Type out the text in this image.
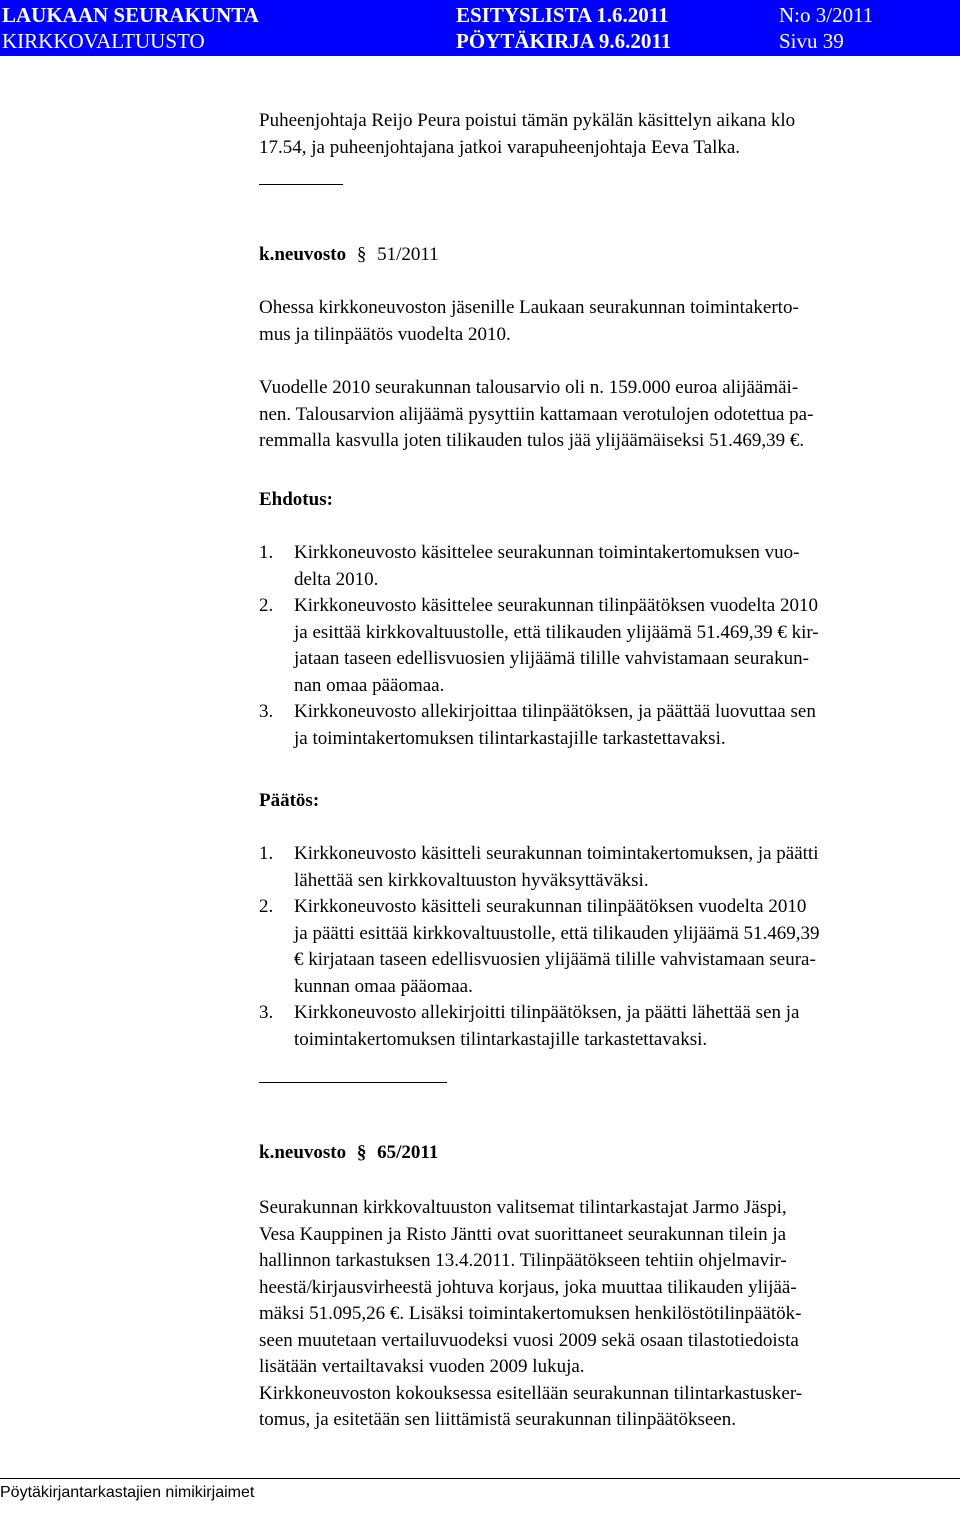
LAUKAAN SEURAKUNTA	ESITYSLISTA 1.6.2011	N:o 3/2011
KIRKKOVALTUUSTO	PÖYTÄKIRJA 9.6.2011	Sivu 39
Puheenjohtaja Reijo Peura poistui tämän pykälän käsittelyn aikana klo
17.54, ja puheenjohtajana jatkoi varapuheenjohtaja Eeva Talka.
k.neuvosto § 51/2011
Ohessa kirkkoneuvoston jäsenille Laukaan seurakunnan toimintakerto-
mus ja tilinpäätös vuodelta 2010.
Vuodelle 2010 seurakunnan talousarvio oli n. 159.000 euroa alijäämäi-
nen. Talousarvion alijäämä pysyttiin kattamaan verotulojen odotettua pa-
remmalla kasvulla joten tilikauden tulos jää ylijäämäiseksi 51.469,39 €.
Ehdotus:
1. Kirkkoneuvosto käsittelee seurakunnan toimintakertomuksen vuo-
delta 2010.
2. Kirkkoneuvosto käsittelee seurakunnan tilinpäätöksen vuodelta 2010
ja esittää kirkkovaltuustolle, että tilikauden ylijäämä 51.469,39 € kir-
jataan taseen edellisvuosien ylijäämä tilille vahvistamaan seurakun-
nan omaa pääomaa.
3. Kirkkoneuvosto allekirjoittaa tilinpäätöksen, ja päättää luovuttaa sen
ja toimintakertomuksen tilintarkastajille tarkastettavaksi.
Päätös:
1. Kirkkoneuvosto käsitteli seurakunnan toimintakertomuksen, ja päätti
lähettää sen kirkkovaltuuston hyväksyttäväksi.
2. Kirkkoneuvosto käsitteli seurakunnan tilinpäätöksen vuodelta 2010
ja päätti esittää kirkkovaltuustolle, että tilikauden ylijäämä 51.469,39
€ kirjataan taseen edellisvuosien ylijäämä tilille vahvistamaan seura-
kunnan omaa pääomaa.
3. Kirkkoneuvosto allekirjoitti tilinpäätöksen, ja päätti lähettää sen ja
toimintakertomuksen tilintarkastajille tarkastettavaksi.
k.neuvosto § 65/2011
Seurakunnan kirkkovaltuuston valitsemat tilintarkastajat Jarmo Jäspi,
Vesa Kauppinen ja Risto Jäntti ovat suorittaneet seurakunnan tilein ja
hallinnon tarkastuksen 13.4.2011. Tilinpäätökseen tehtiin ohjelmavir-
heestä/kirjausvirheestä johtuva korjaus, joka muuttaa tilikauden ylijää-
mäksi 51.095,26 €. Lisäksi toimintakertomuksen henkilöstötilinpäätök-
seen muutetaan vertailuvuodeksi vuosi 2009 sekä osaan tilastotiedoista
lisätään vertailtavaksi vuoden 2009 lukuja.
Kirkkoneuvoston kokouksessa esitellään seurakunnan tilintarkastusker-
tomus, ja esitetään sen liittämistä seurakunnan tilinpäätökseen.
Pöytäkirjantarkastajien nimikirjaimet
